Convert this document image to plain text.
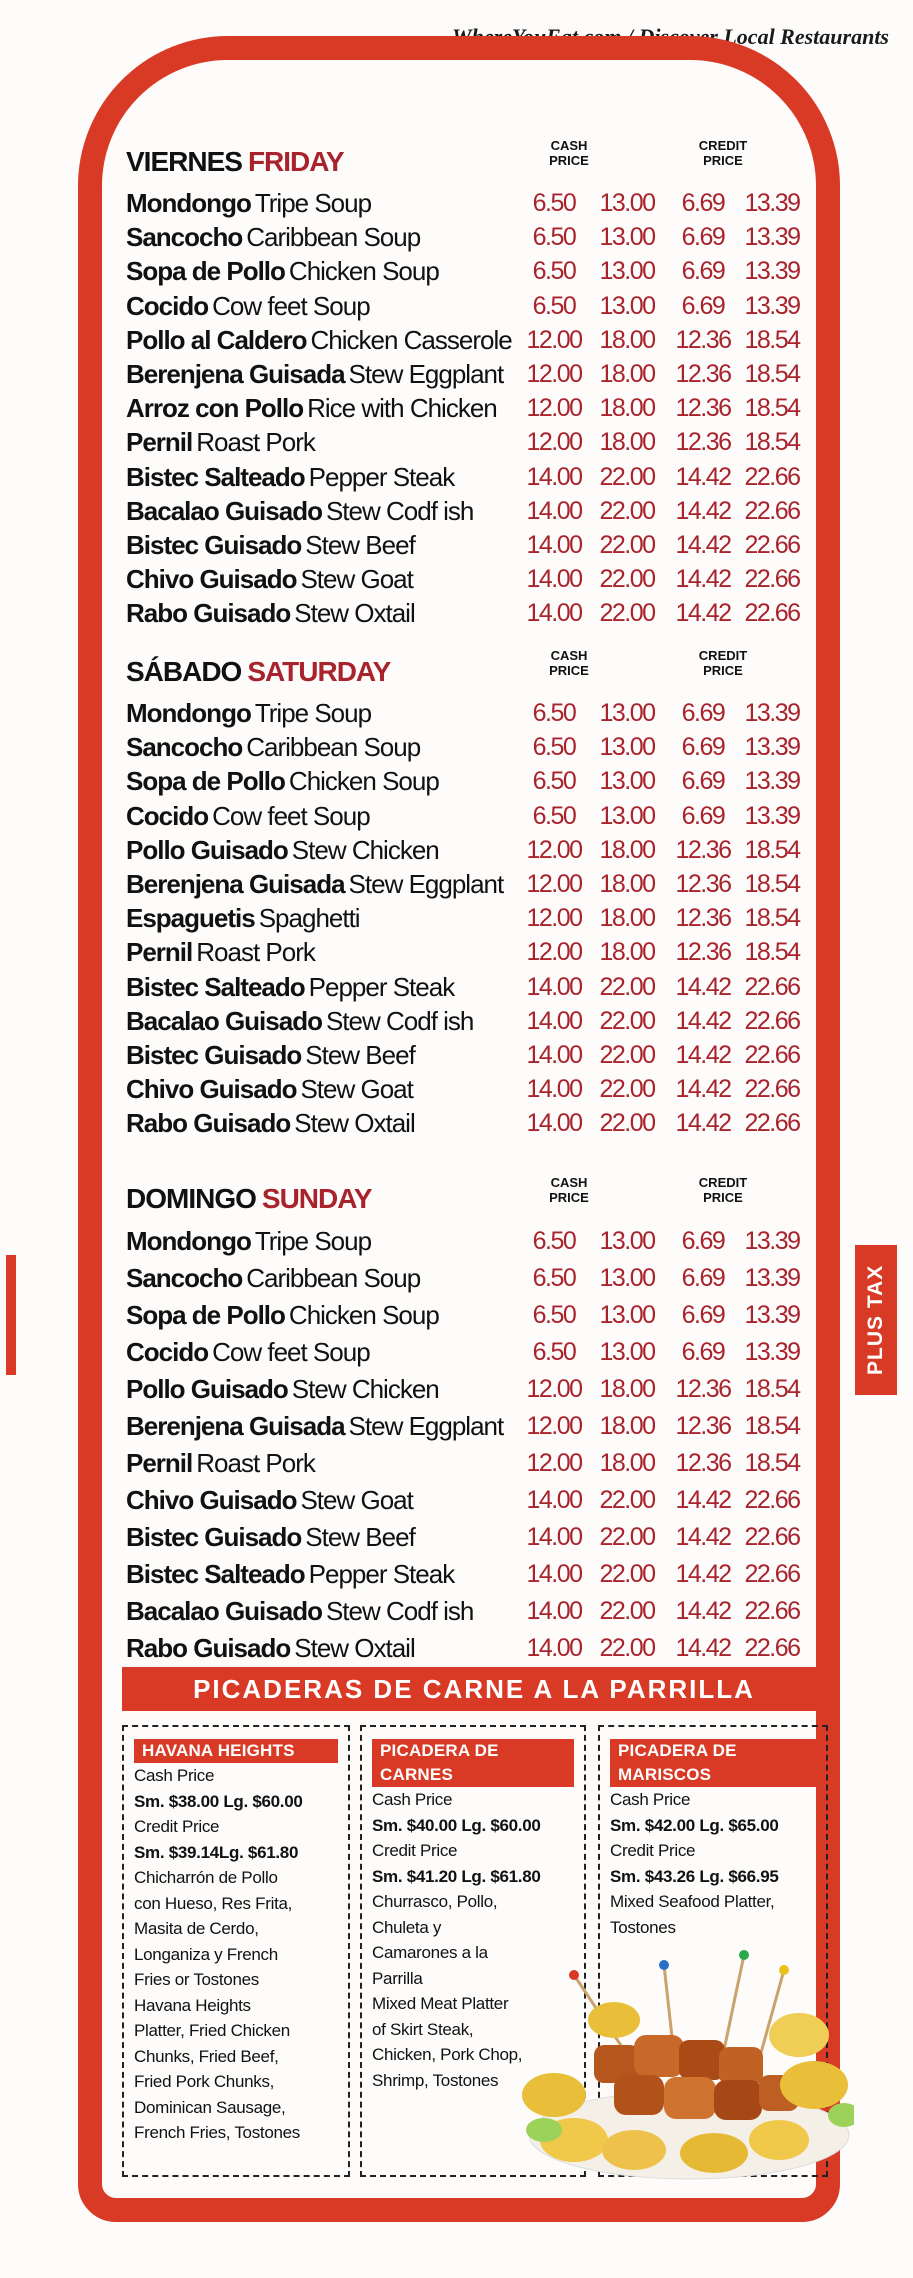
WhereYouEat.com / Discover Local Restaurants
PLUS TAX
VIERNES FRIDAY
CASH
PRICE
CREDIT
PRICE
Mondongo Tripe Soup	6.50 13.00	6.69 13.39
Sancocho Caribbean Soup	6.50 13.00	6.69 13.39
Sopa de Pollo Chicken Soup	6.50 13.00	6.69 13.39
Cocido Cow feet Soup	6.50 13.00	6.69 13.39
Pollo al Caldero Chicken Casserole 12.00 18.00 12.36 18.54
Berenjena Guisada Stew Eggplant 12.00 18.00 12.36 18.54
Arroz con Pollo Rice with Chicken	12.00 18.00 12.36 18.54
Pernil Roast Pork	12.00 18.00 12.36 18.54
Bistec Salteado Pepper Steak	14.00 22.00 14.42 22.66
Bacalao Guisado Stew Codf ish	14.00 22.00 14.42 22.66
Bistec Guisado Stew Beef	14.00 22.00 14.42 22.66
Chivo Guisado Stew Goat	14.00 22.00 14.42 22.66
Rabo Guisado Stew Oxtail	14.00 22.00 14.42 22.66
SÁBADO SATURDAY
CASH
PRICE
CREDIT
PRICE
Mondongo Tripe Soup	6.50 13.00	6.69 13.39
Sancocho Caribbean Soup	6.50 13.00	6.69 13.39
Sopa de Pollo Chicken Soup	6.50 13.00	6.69 13.39
Cocido Cow feet Soup	6.50 13.00	6.69 13.39
Pollo Guisado Stew Chicken	12.00 18.00 12.36 18.54
Berenjena Guisada Stew Eggplant 12.00 18.00 12.36 18.54
Espaguetis Spaghetti	12.00 18.00 12.36 18.54
Pernil Roast Pork	12.00 18.00 12.36 18.54
Bistec Salteado Pepper Steak	14.00 22.00 14.42 22.66
Bacalao Guisado Stew Codf ish	14.00 22.00 14.42 22.66
Bistec Guisado Stew Beef	14.00 22.00 14.42 22.66
Chivo Guisado Stew Goat	14.00 22.00 14.42 22.66
Rabo Guisado Stew Oxtail	14.00 22.00 14.42 22.66
DOMINGO SUNDAY
CASH
PRICE
CREDIT
PRICE
Mondongo Tripe Soup	6.50 13.00	6.69 13.39
Sancocho Caribbean Soup	6.50 13.00	6.69 13.39
Sopa de Pollo Chicken Soup	6.50 13.00	6.69 13.39
Cocido Cow feet Soup	6.50 13.00	6.69 13.39
Pollo Guisado Stew Chicken	12.00 18.00 12.36 18.54
Berenjena Guisada Stew Eggplant 12.00 18.00 12.36 18.54
Pernil Roast Pork	12.00 18.00 12.36 18.54
Chivo Guisado Stew Goat	14.00 22.00 14.42 22.66
Bistec Guisado Stew Beef	14.00 22.00 14.42 22.66
Bistec Salteado Pepper Steak	14.00 22.00 14.42 22.66
Bacalao Guisado Stew Codf ish	14.00 22.00 14.42 22.66
Rabo Guisado Stew Oxtail	14.00 22.00 14.42 22.66
PICADERAS DE CARNE A LA PARRILLA
HAVANA HEIGHTS
Cash Price
Sm. $38.00 Lg. $60.00
Credit Price
Sm. $39.14Lg. $61.80
Chicharrón de Pollo
con Hueso, Res Frita,
Masita de Cerdo,
Longaniza y French
Fries or Tostones
Havana Heights
Platter, Fried Chicken
Chunks, Fried Beef,
Fried Pork Chunks,
Dominican Sausage,
French Fries, Tostones
PICADERA DE CARNES
Cash Price
Sm. $40.00 Lg. $60.00
Credit Price
Sm. $41.20 Lg. $61.80
Churrasco, Pollo,
Chuleta y
Camarones a la
Parrilla
Mixed Meat Platter
of Skirt Steak,
Chicken, Pork Chop,
Shrimp, Tostones
PICADERA DE MARISCOS
Cash Price
Sm. $42.00 Lg. $65.00
Credit Price
Sm. $43.26 Lg. $66.95
Mixed Seafood Platter,
Tostones
